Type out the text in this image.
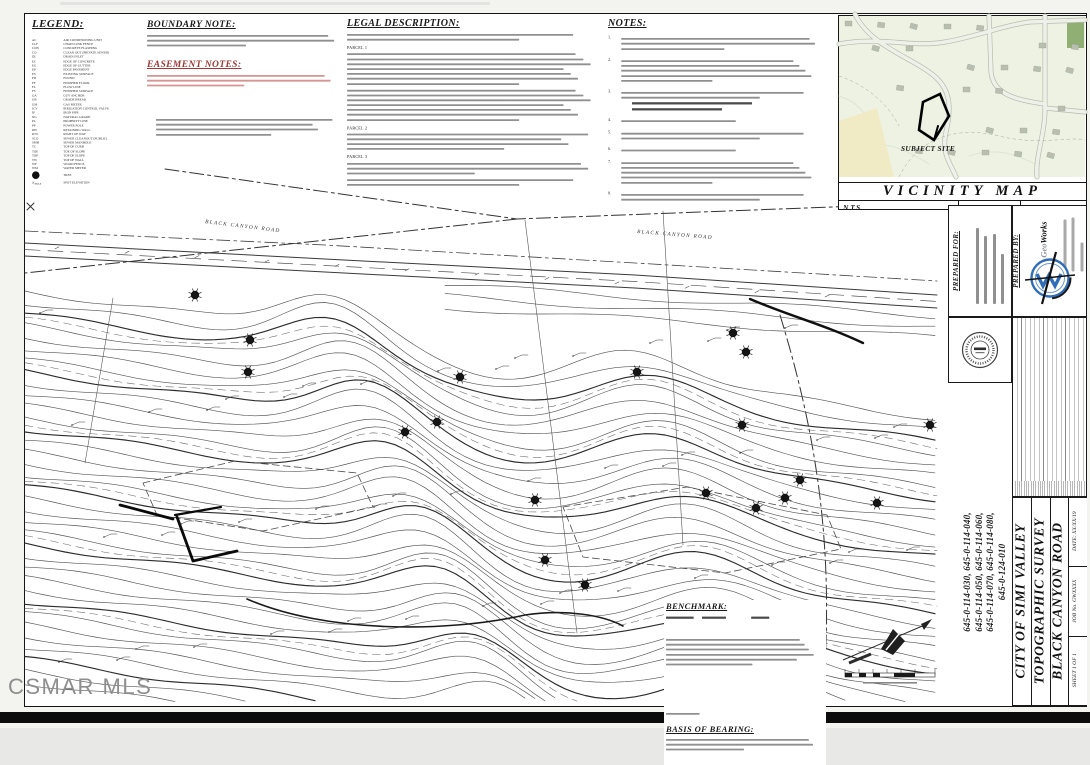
BLACK CANYON ROAD
BLACK CANYON ROAD
LEGEND:
AC	AIR CONDITIONING UNIT
CLF	CHAIN LINK FENCE
CON	CONCRETE FLASHING
CO	CLEAN OUT (PRIVATE SEWER)
DI	DRAIN INLET
EC	EDGE OF CONCRETE
EG	EDGE OF GUTTER
EP	EDGE PAVEMENT
ES	EXISTING SURFACE
FD	FOUND
FF	FINISHED FLOOR
FL	FLOW LINE
FS	FINISHED SURFACE
GA	GUY ANCHOR
GB	GRADE BREAK
GM	GAS METER
ICV	IRRIGATION CONTROL VALVE
IP	IRON PIPE
NG	NATURAL GRADE
PL	PROPERTY LINE
PP	POWER POLE
RW	RETAINING WALL
R/W	RIGHT OF WAY
SCO	SEWER CLEANOUT (PUBLIC)
SMH	SEWER MANHOLE
TC	TOP OF CURB
TOE	TOE OF SLOPE
TOP	TOP OF SLOPE
TW	TOP OF WALL
WF	WOOD FENCE
WM	WATER METER
TREE
×xxx.x	SPOT ELEVATION
BOUNDARY NOTE:
EASEMENT NOTES:
LEGAL DESCRIPTION:
PARCEL 1
PARCEL 2
PARCEL 3
NOTES:
1.
2.
3.
4.
5.
6.
7.
8.
SUBJECT SITE
VICINITY MAP
N.T.S.
PREPARED FOR:	PREPARED BY: GeoWorks
645-0-114-030, 645-0-114-040, 645-0-114-050, 645-0-114-060, 645-0-114-070, 645-0-114-080, 645-0-124-010 CITY OF SIMI VALLEY TOPOGRAPHIC SURVEY BLACK CANYON ROAD DATE: XX/XX/19
JOB No. GWXXXX
SHEET 1 OF 1
BENCHMARK:
BASIS OF BEARING:
CSMAR MLS
